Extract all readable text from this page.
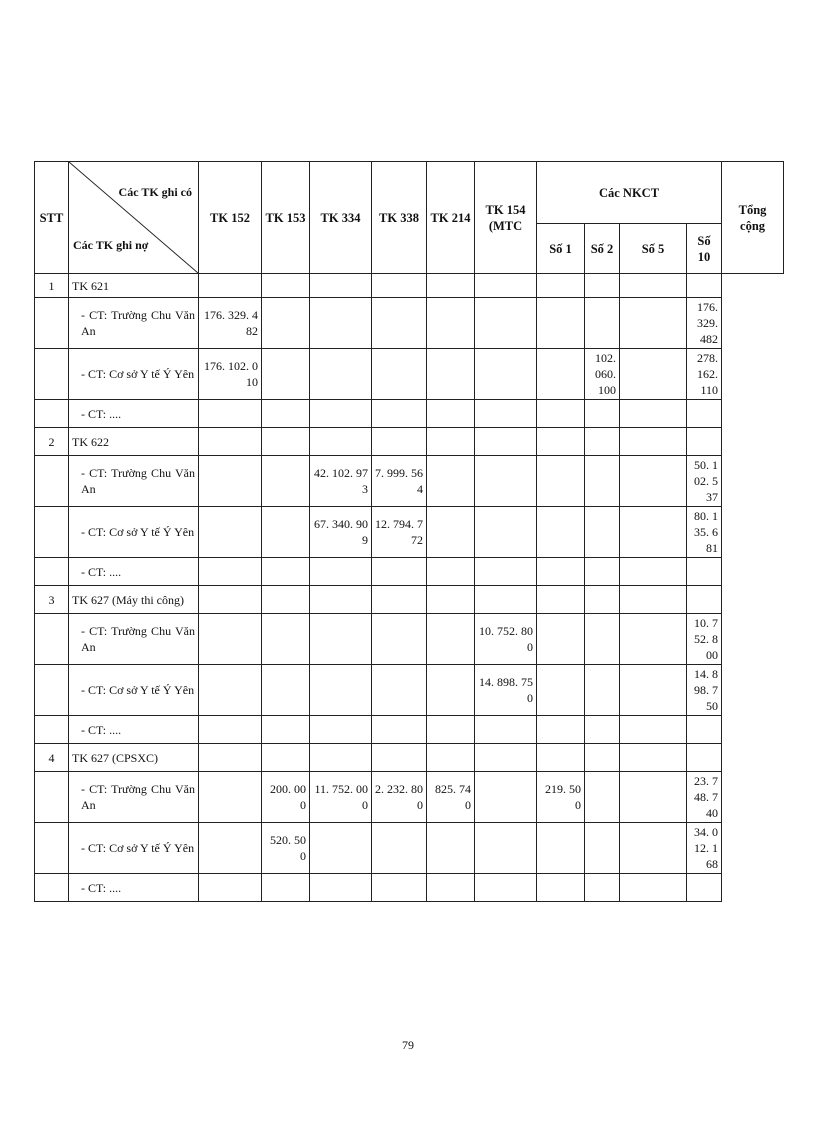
STT	Các TK ghi có
Các TK ghi nợ	TK 152	TK 153	TK 334	TK 338	TK 214	TK 154 (MTC	Các NKCT				Tổng cộng
								Số 1	Số 2	Số 5	Số 10	
1	TK 621											
	- CT: Trường Chu Văn An	176. 329. 482									176. 329. 482	
	- CT: Cơ sở Y tế Ý Yên	176. 102. 010							102. 060. 100		278. 162. 110	
	- CT: ....											
2	TK 622											
	- CT: Trường Chu Văn An			42. 102. 973	7. 999. 564						50. 102. 537	
	- CT: Cơ sở Y tế Ý Yên			67. 340. 909	12. 794. 772						80. 135. 681	
	- CT: ....											
3	TK 627 (Máy thi công)											
	- CT: Trường Chu Văn An						10. 752. 800				10. 752. 800	
	- CT: Cơ sở Y tế Ý Yên						14. 898. 750				14. 898. 750	
	- CT: ....											
4	TK 627 (CPSXC)											
	- CT: Trường Chu Văn An		200. 000	11. 752. 000	2. 232. 800	825. 740		219. 500			23. 748. 740	
	- CT: Cơ sở Y tế Ý Yên		520. 500								34. 012. 168	
	- CT: ....											
79
